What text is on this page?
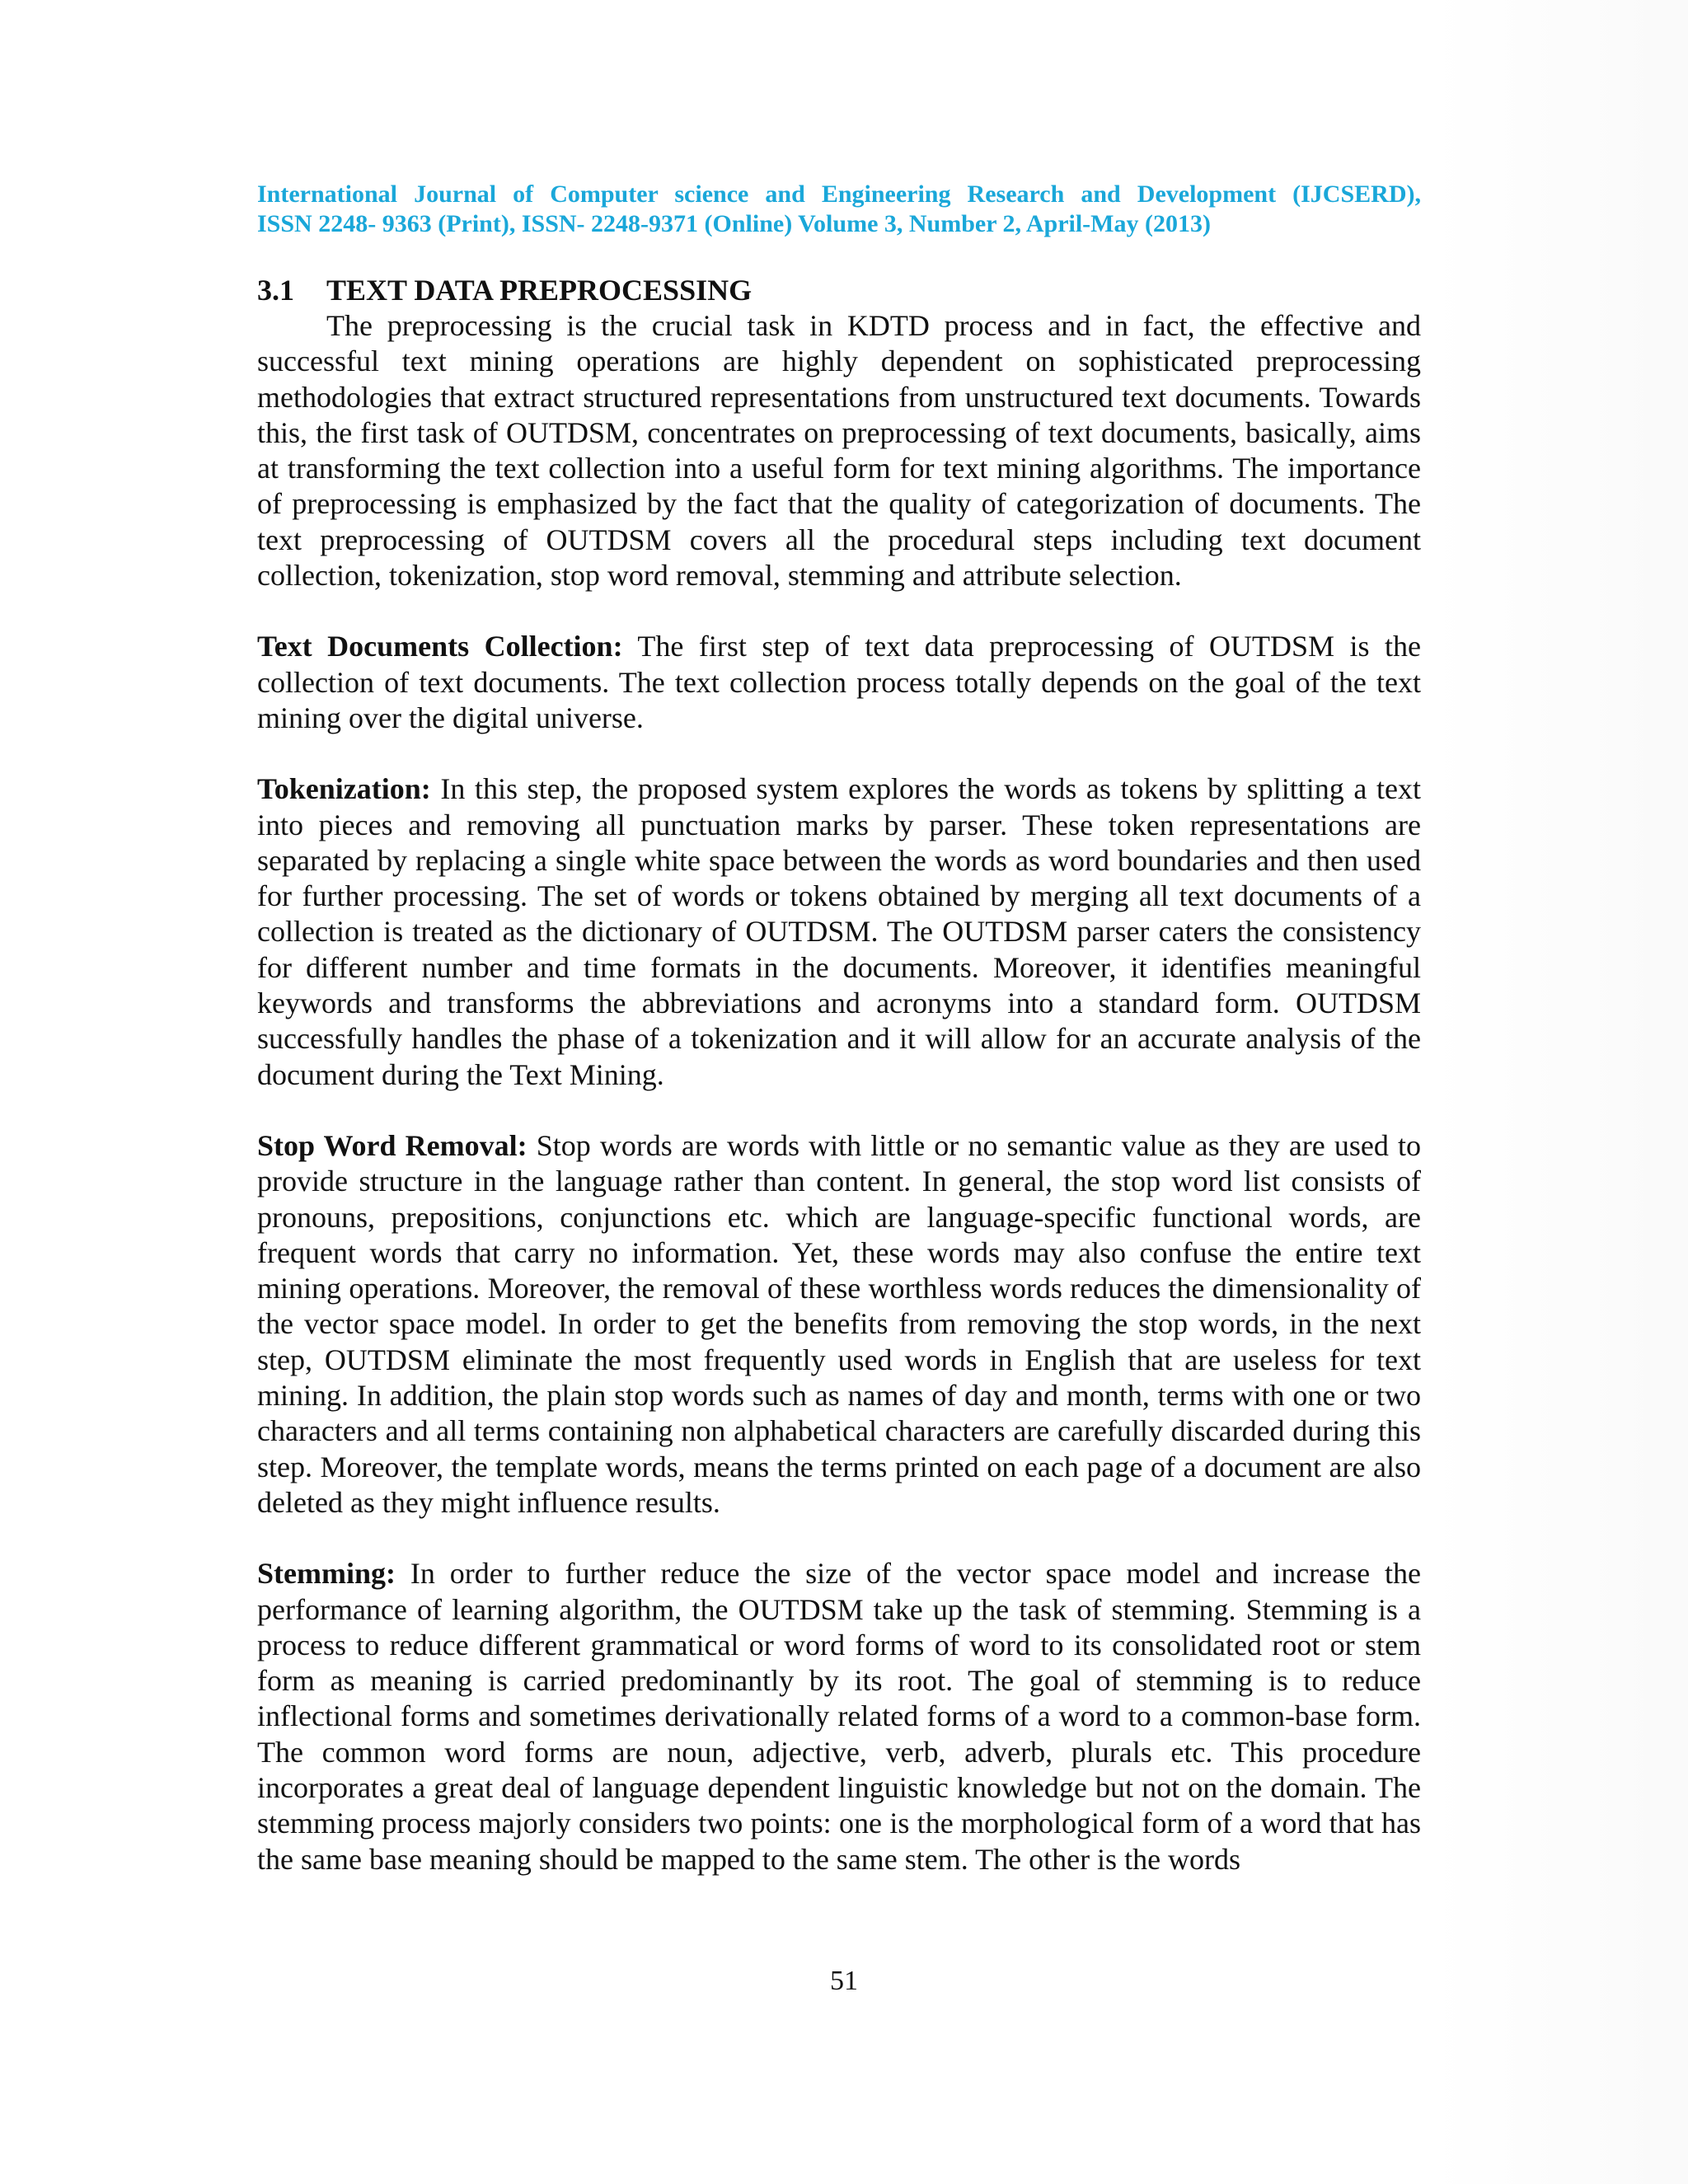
International Journal of Computer science and Engineering Research and Development (IJCSERD),
ISSN 2248- 9363 (Print), ISSN- 2248-9371 (Online) Volume 3, Number 2, April-May (2013)
3.1 TEXT DATA PREPROCESSING

The preprocessing is the crucial task in KDTD process and in fact, the effective and successful text mining operations are highly dependent on sophisticated preprocessing methodologies that extract structured representations from unstructured text documents. Towards this, the first task of OUTDSM, concentrates on preprocessing of text documents, basically, aims at transforming the text collection into a useful form for text mining algorithms. The importance of preprocessing is emphasized by the fact that the quality of categorization of documents. The text preprocessing of OUTDSM covers all the procedural steps including text document collection, tokenization, stop word removal, stemming and attribute selection.

Text Documents Collection: The first step of text data preprocessing of OUTDSM is the collection of text documents. The text collection process totally depends on the goal of the text mining over the digital universe.

Tokenization: In this step, the proposed system explores the words as tokens by splitting a text into pieces and removing all punctuation marks by parser. These token representations are separated by replacing a single white space between the words as word boundaries and then used for further processing. The set of words or tokens obtained by merging all text documents of a collection is treated as the dictionary of OUTDSM. The OUTDSM parser caters the consistency for different number and time formats in the documents. Moreover, it identifies meaningful keywords and transforms the abbreviations and acronyms into a standard form. OUTDSM successfully handles the phase of a tokenization and it will allow for an accurate analysis of the document during the Text Mining.

Stop Word Removal: Stop words are words with little or no semantic value as they are used to provide structure in the language rather than content. In general, the stop word list consists of pronouns, prepositions, conjunctions etc. which are language-specific functional words, are frequent words that carry no information. Yet, these words may also confuse the entire text mining operations. Moreover, the removal of these worthless words reduces the dimensionality of the vector space model. In order to get the benefits from removing the stop words, in the next step, OUTDSM eliminate the most frequently used words in English that are useless for text mining. In addition, the plain stop words such as names of day and month, terms with one or two characters and all terms containing non alphabetical characters are carefully discarded during this step. Moreover, the template words, means the terms printed on each page of a document are also deleted as they might influence results.

Stemming: In order to further reduce the size of the vector space model and increase the performance of learning algorithm, the OUTDSM take up the task of stemming. Stemming is a process to reduce different grammatical or word forms of word to its consolidated root or stem form as meaning is carried predominantly by its root. The goal of stemming is to reduce inflectional forms and sometimes derivationally related forms of a word to a common-base form. The common word forms are noun, adjective, verb, adverb, plurals etc. This procedure incorporates a great deal of language dependent linguistic knowledge but not on the domain. The stemming process majorly considers two points: one is the morphological form of a word that has the same base meaning should be mapped to the same stem. The other is the words

51
